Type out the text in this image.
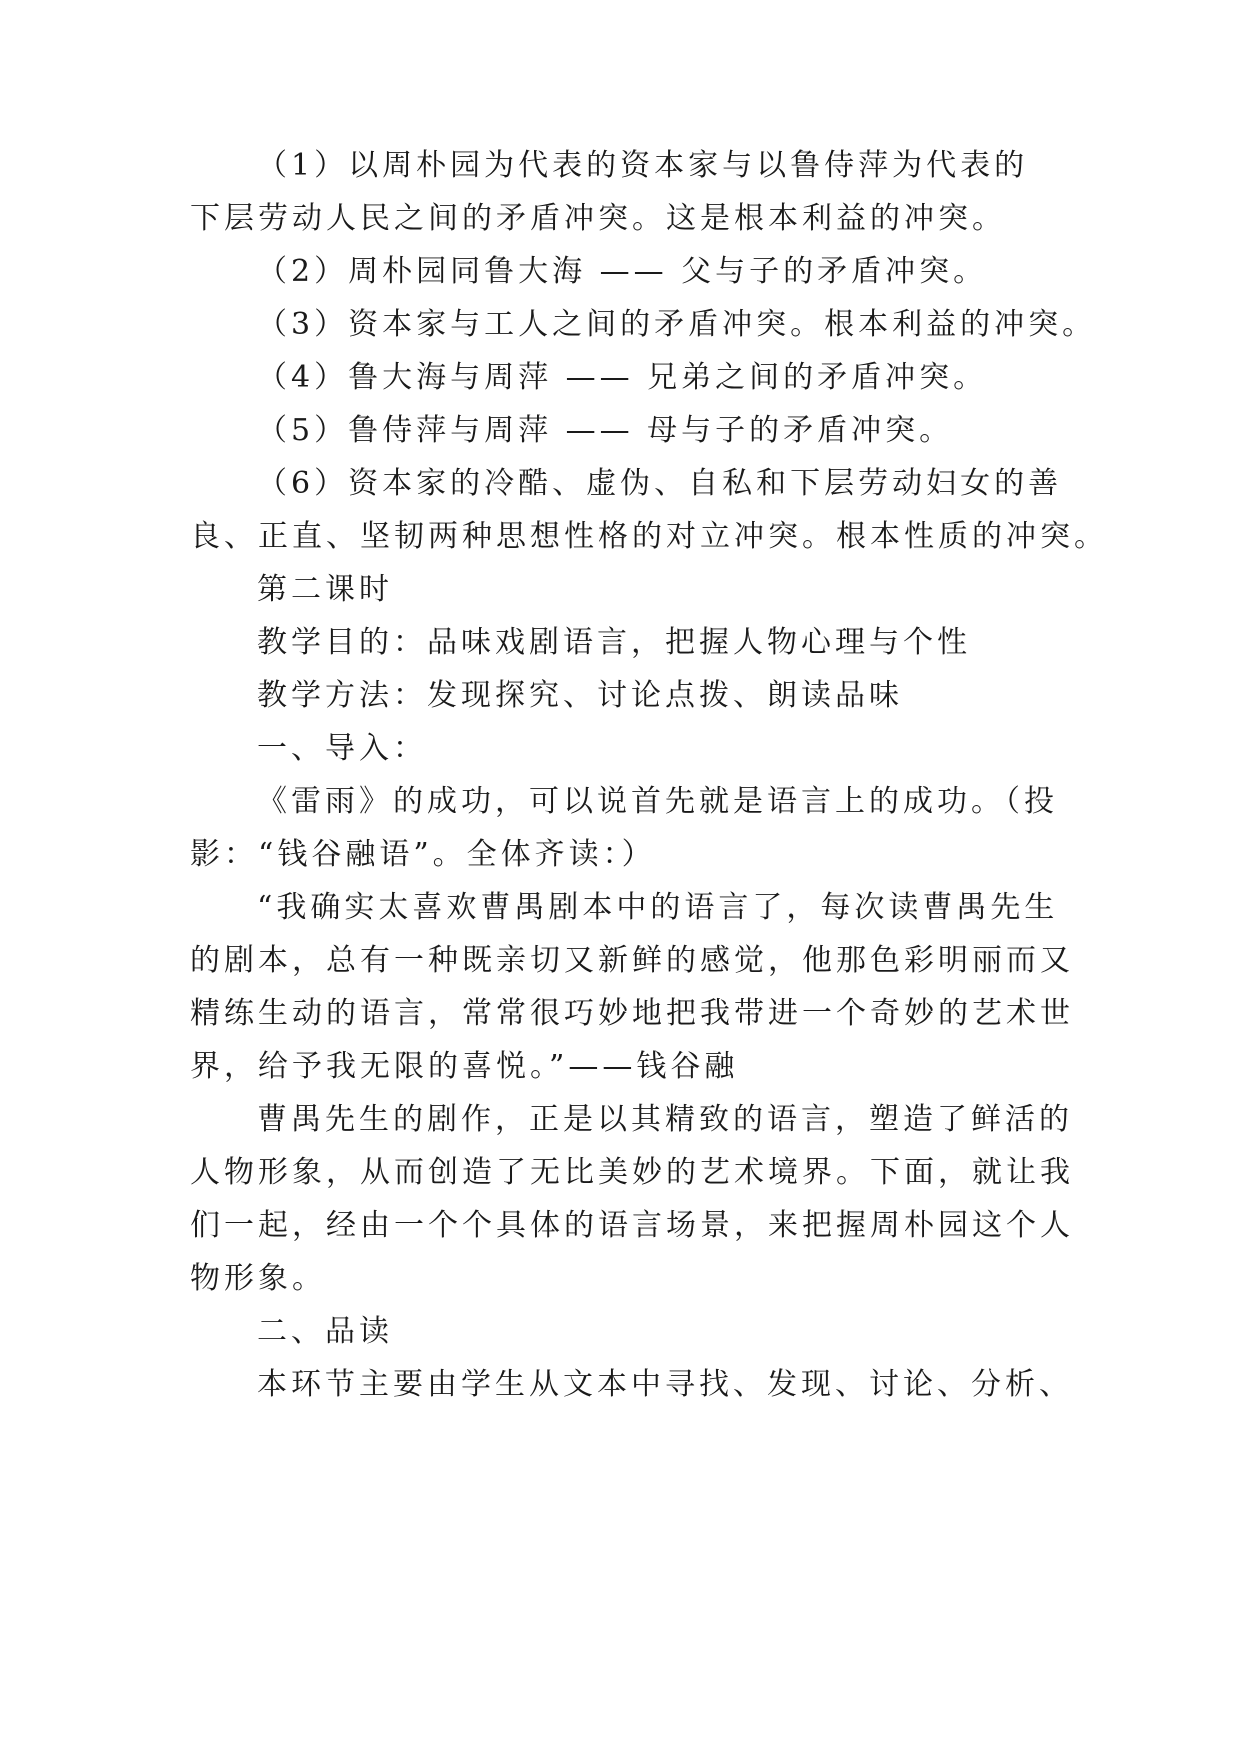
（1）以周朴园为代表的资本家与以鲁侍萍为代表的
下层劳动人民之间的矛盾冲突。这是根本利益的冲突。
（2）周朴园同鲁大海 —— 父与子的矛盾冲突。
（3）资本家与工人之间的矛盾冲突。根本利益的冲突。
（4）鲁大海与周萍 —— 兄弟之间的矛盾冲突。
（5）鲁侍萍与周萍 —— 母与子的矛盾冲突。
（6）资本家的冷酷、虚伪、自私和下层劳动妇女的善
良、正直、坚韧两种思想性格的对立冲突。根本性质的冲突。
第二课时
教学目的：品味戏剧语言，把握人物心理与个性
教学方法：发现探究、讨论点拨、朗读品味
一、导入：
《雷雨》的成功，可以说首先就是语言上的成功。（投
影：“钱谷融语”。全体齐读：）
“我确实太喜欢曹禺剧本中的语言了，每次读曹禺先生
的剧本，总有一种既亲切又新鲜的感觉，他那色彩明丽而又
精练生动的语言，常常很巧妙地把我带进一个奇妙的艺术世
界，给予我无限的喜悦。”——钱谷融
曹禺先生的剧作，正是以其精致的语言，塑造了鲜活的
人物形象，从而创造了无比美妙的艺术境界。下面，就让我
们一起，经由一个个具体的语言场景，来把握周朴园这个人
物形象。
二、品读
本环节主要由学生从文本中寻找、发现、讨论、分析、
